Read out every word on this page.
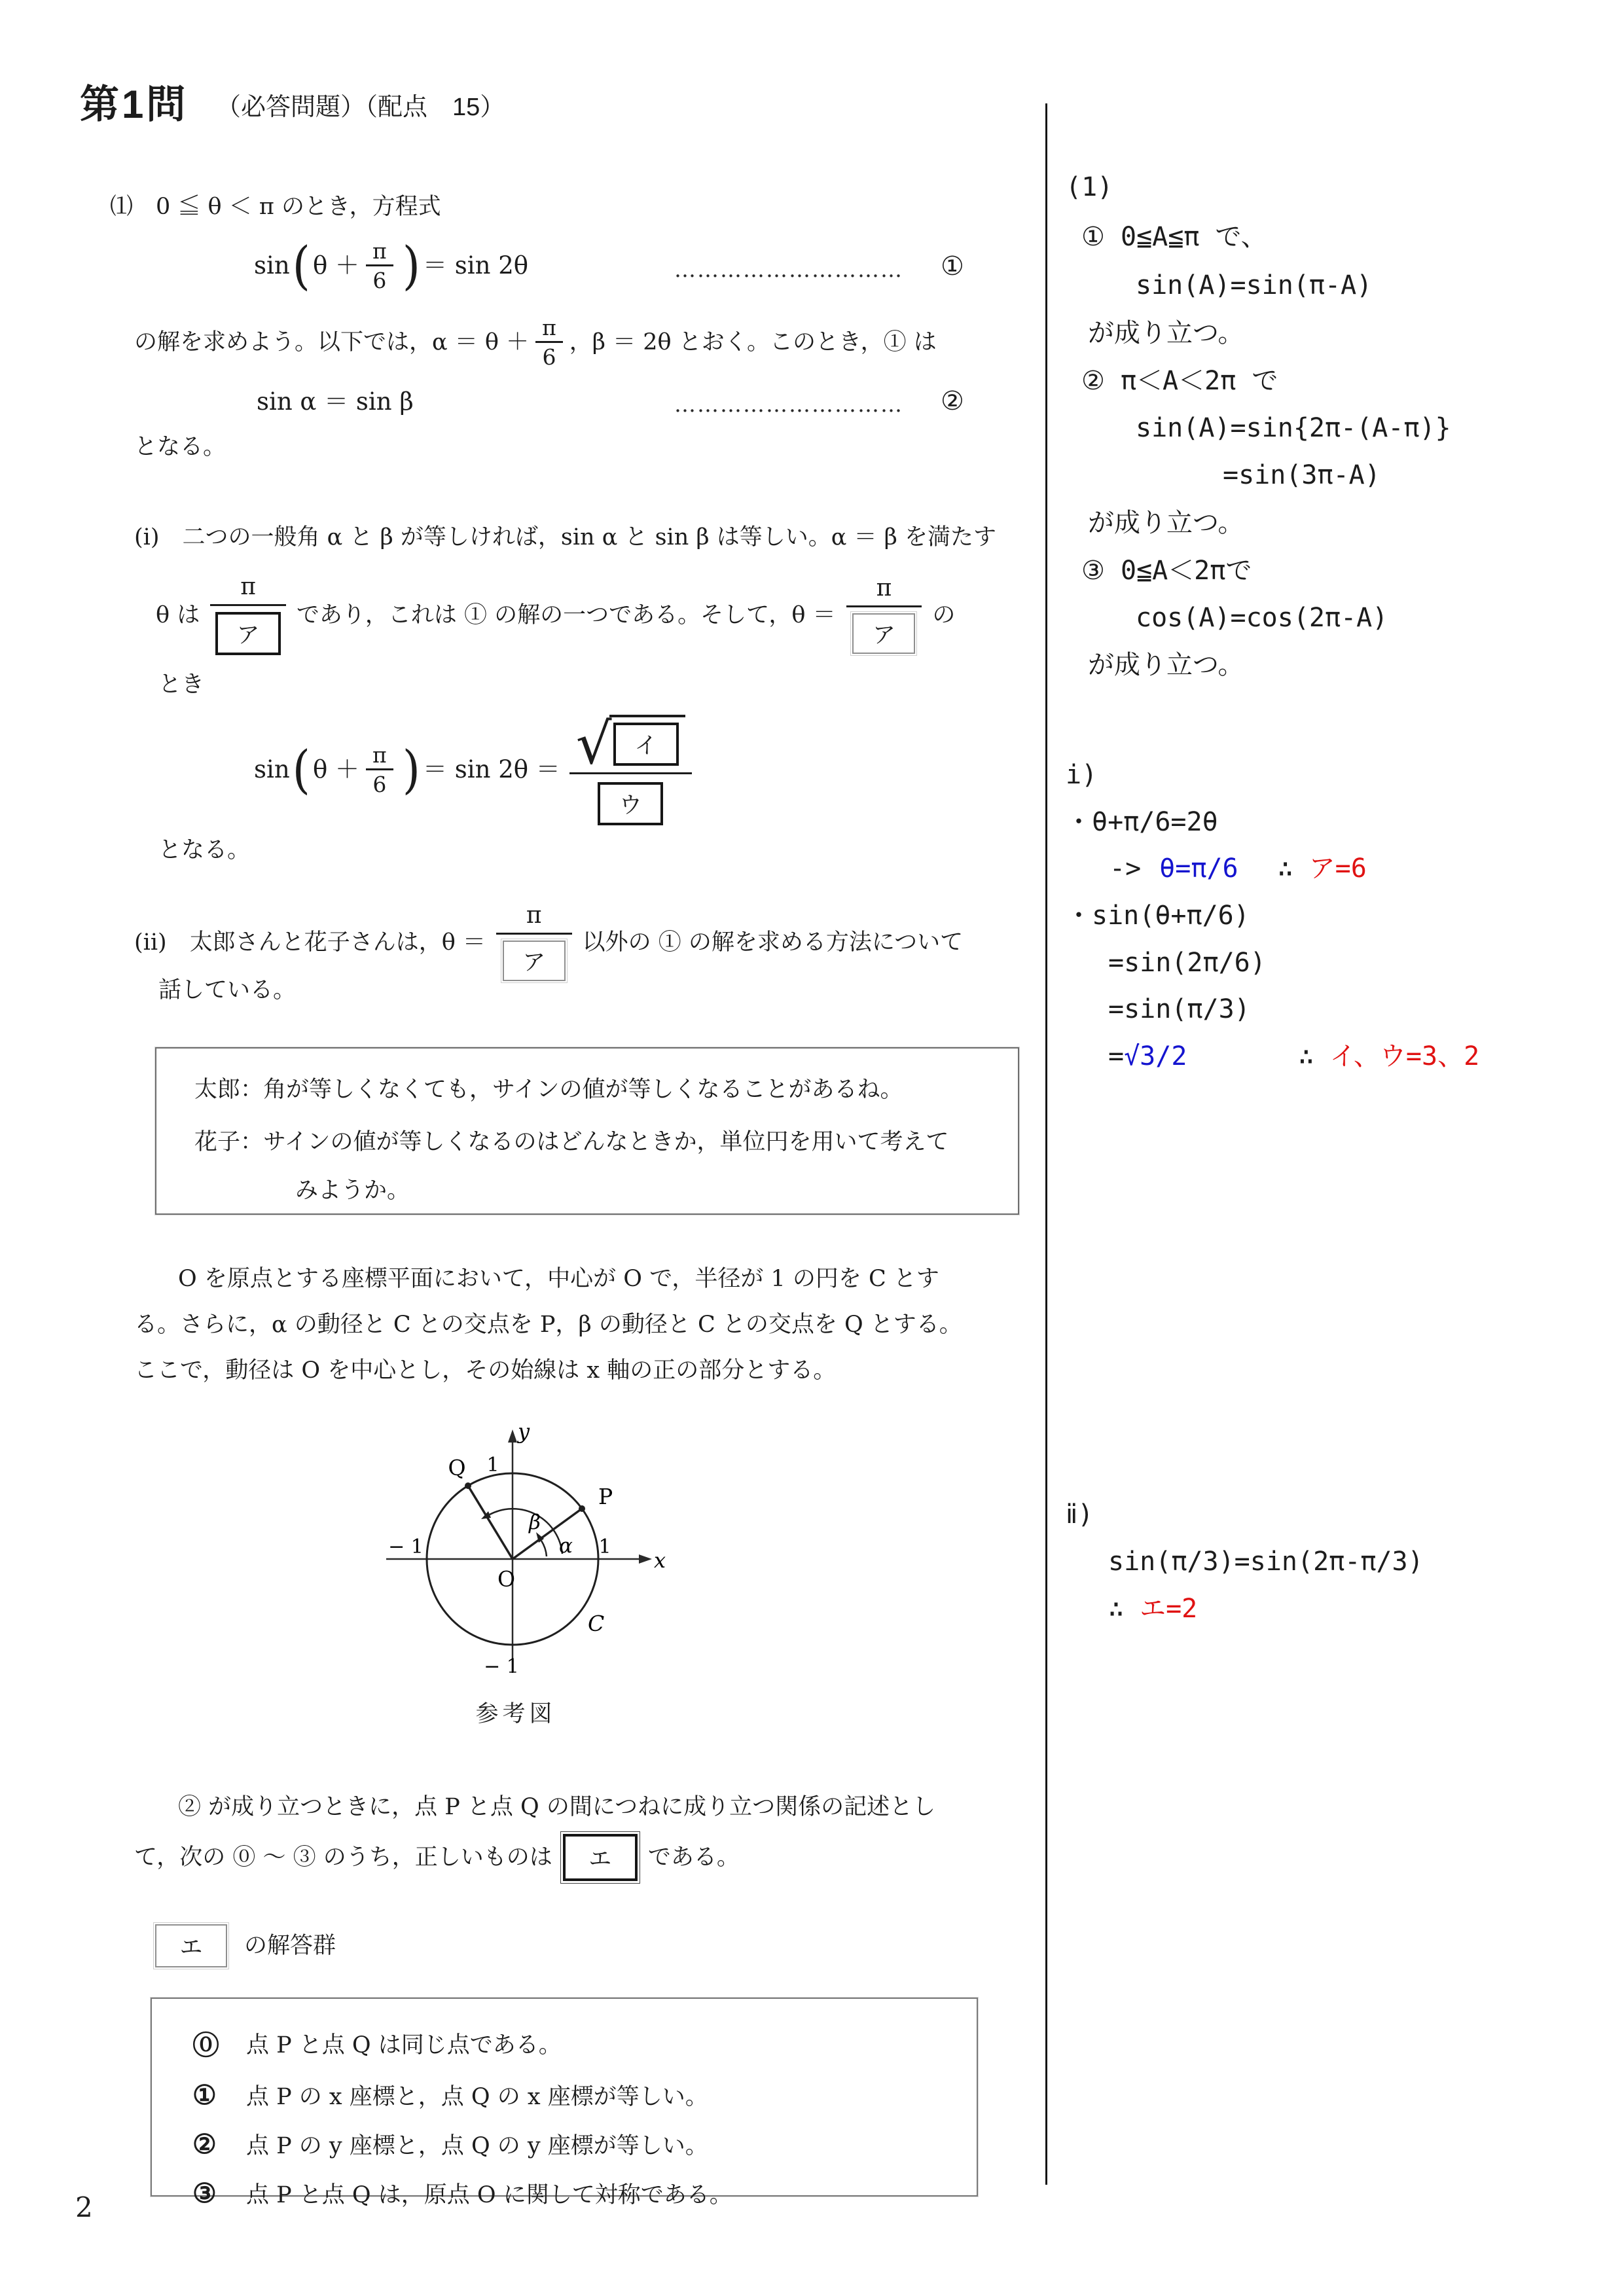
第1問 （必答問題）（配点　15）
⑴　0 ≦ θ ＜ π のとき，方程式
sin ( θ ＋
π
6 ) ＝ sin 2θ	………………………… ①
の解を求めよう。以下では，α ＝ θ ＋
π
6
，β ＝ 2θ とおく。このとき，① は
sin α ＝ sin β	………………………… ②
となる。
(i)　二つの一般角 α と β が等しければ，sin α と sin β は等しい。α ＝ β を満たす
θ は
π
ア
であり，これは ① の解の一つである。そして，θ ＝
π
ア
の
とき
sin ( θ ＋
π
6 ) ＝ sin 2θ ＝ √ イ
ウ
となる。
(ii)　太郎さんと花子さんは，θ ＝
π
ア
以外の ① の解を求める方法について
話している。
太郎：角が等しくなくても，サインの値が等しくなることがあるね。
花子：サインの値が等しくなるのはどんなときか，単位円を用いて考えて
みようか。
O を原点とする座標平面において，中心が O で，半径が 1 の円を C とす
る。さらに，α の動径と C との交点を P，β の動径と C との交点を Q とする。
ここで，動径は O を中心とし，その始線は x 軸の正の部分とする。
y
1
Q
P
β
α
− 1	1
x
O
C
− 1
参考図
② が成り立つときに，点 P と点 Q の間につねに成り立つ関係の記述とし
て，次の ⓪ ～ ③ のうち，正しいものは	エ	である。
エ	の解答群
⓪	点 P と点 Q は同じ点である。
①	点 P の x 座標と，点 Q の x 座標が等しい。
②	点 P の y 座標と，点 Q の y 座標が等しい。
③	点 P と点 Q は，原点 O に関して対称である。
2
(1)
① 0≦A≦π で、
sin(A)=sin(π-A)
が成り立つ。
② π＜A＜2π で
sin(A)=sin{2π-(A-π)}
=sin(3π-A)
が成り立つ。
③ 0≦A＜2πで
cos(A)=cos(2π-A)
が成り立つ。
i)
・θ+π/6=2θ
-> θ=π/6 ∴ ア=6
・sin(θ+π/6)
=sin(2π/6)
=sin(π/3)
= √3/2	∴ イ、ウ=3、2
ⅱ)
sin(π/3)=sin(2π-π/3)
∴ エ=2
